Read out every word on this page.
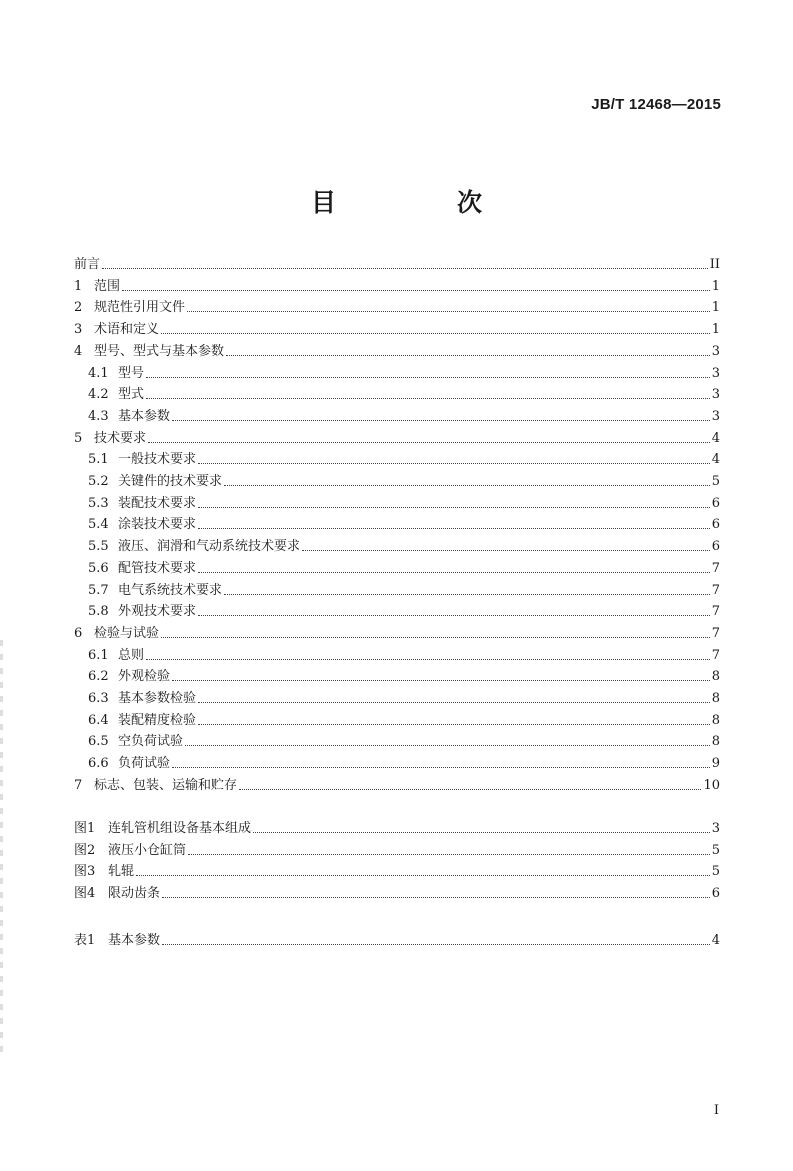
JB/T 12468—2015
目　次
前言	II
1 范围	1
2 规范性引用文件	1
3 术语和定义	1
4 型号、型式与基本参数	3
4.1 型号	3
4.2 型式	3
4.3 基本参数	3
5 技术要求	4
5.1 一般技术要求	4
5.2 关键件的技术要求	5
5.3 装配技术要求	6
5.4 涂装技术要求	6
5.5 液压、润滑和气动系统技术要求	6
5.6 配管技术要求	7
5.7 电气系统技术要求	7
5.8 外观技术要求	7
6 检验与试验	7
6.1 总则	7
6.2 外观检验	8
6.3 基本参数检验	8
6.4 装配精度检验	8
6.5 空负荷试验	8
6.6 负荷试验	9
7 标志、包装、运输和贮存	10
图1 连轧管机组设备基本组成	3
图2 液压小仓缸筒	5
图3 轧辊	5
图4 限动齿条	6
表1 基本参数	4
I
